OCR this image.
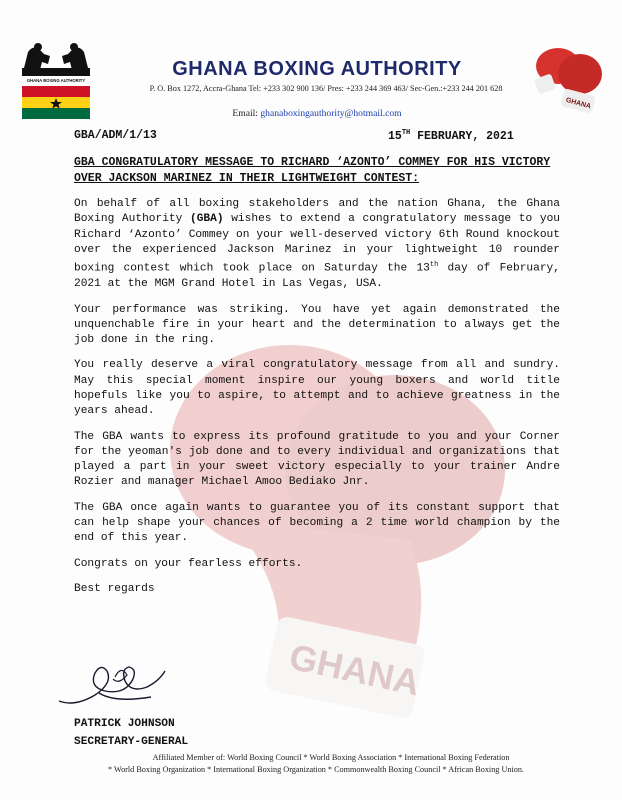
GHANA
GHANA BOXING AUTHORITY
GHANA
GHANA BOXING AUTHORITY
P. O. Box 1272, Accra-Ghana Tel: +233 302 900 136/ Pres: +233 244 369 463/ Sec-Gen.:+233 244 201 628
Email: ghanaboxingauthority@hotmail.com
GBA/ADM/1/13	15TH FEBRUARY, 2021
GBA CONGRATULATORY MESSAGE TO RICHARD ‘AZONTO’ COMMEY FOR HIS VICTORY OVER JACKSON MARINEZ IN THEIR LIGHTWEIGHT CONTEST:

On behalf of all boxing stakeholders and the nation Ghana, the Ghana Boxing Authority (GBA) wishes to extend a congratulatory message to you Richard ‘Azonto’ Commey on your well-deserved victory 6th Round knockout over the experienced Jackson Marinez in your lightweight 10 rounder boxing contest which took place on Saturday the 13th day of February, 2021 at the MGM Grand Hotel in Las Vegas, USA.

Your performance was striking. You have yet again demonstrated the unquenchable fire in your heart and the determination to always get the job done in the ring.

You really deserve a viral congratulatory message from all and sundry. May this special moment inspire our young boxers and world title hopefuls like you to aspire, to attempt and to achieve greatness in the years ahead.

The GBA wants to express its profound gratitude to you and your Corner for the yeoman's job done and to every individual and organizations that played a part in your sweet victory especially to your trainer Andre Rozier and manager Michael Amoo Bediako Jnr.

The GBA once again wants to guarantee you of its constant support that can help shape your chances of becoming a 2 time world champion by the end of this year.

Congrats on your fearless efforts.

Best regards

PATRICK JOHNSON
SECRETARY-GENERAL
Affiliated Member of: World Boxing Council * World Boxing Association * International Boxing Federation
* World Boxing Organization * International Boxing Organization * Commonwealth Boxing Council * African Boxing Union.
